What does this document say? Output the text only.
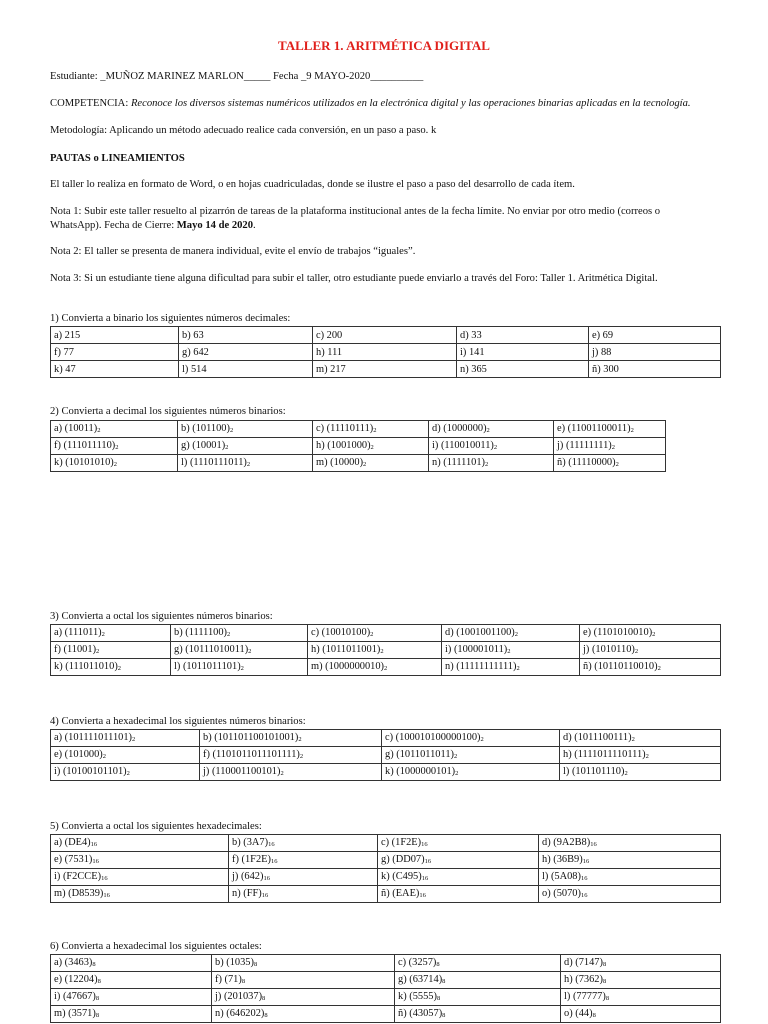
TALLER 1. ARITMÉTICA DIGITAL
Estudiante: _MUÑOZ MARINEZ MARLON_____ Fecha _9 MAYO-2020__________
COMPETENCIA: Reconoce los diversos sistemas numéricos utilizados en la electrónica digital y las operaciones binarias aplicadas en la tecnología.
Metodología: Aplicando un método adecuado realice cada conversión, en un paso a paso. k
PAUTAS o LINEAMIENTOS
El taller lo realiza en formato de Word, o en hojas cuadriculadas, donde se ilustre el paso a paso del desarrollo de cada ítem.
Nota 1: Subir este taller resuelto al pizarrón de tareas de la plataforma institucional antes de la fecha límite. No enviar por otro medio (correos o
WhatsApp). Fecha de Cierre: Mayo 14 de 2020.
Nota 2: El taller se presenta de manera individual, evite el envío de trabajos “iguales”.
Nota 3: Si un estudiante tiene alguna dificultad para subir el taller, otro estudiante puede enviarlo a través del Foro: Taller 1. Aritmética Digital.
1) Convierta a binario los siguientes números decimales:
a) 215	b) 63	c) 200	d) 33	e) 69
f) 77	g) 642	h) 111	i) 141	j) 88
k) 47	l) 514	m) 217	n) 365	ñ) 300
2) Convierta a decimal los siguientes números binarios:
a) $(10011)_2$	b) $(101100)_2$	c) $(11110111)_2$	d) $(1000000)_2$	e) $(11001100011)_2$
f) $(111011110)_2$	g) $(10001)_2$	h) $(1001000)_2$	i) $(110010011)_2$	j) $(11111111)_2$
k) $(10101010)_2$	l) $(1110111011)_2$	m) $(10000)_2$	n) $(1111101)_2$	ñ) $(11110000)_2$
3) Convierta a octal los siguientes números binarios:
a) $(111011)_2$	b) $(1111100)_2$	c) $(10010100)_2$	d) $(1001001100)_2$	e) $(1101010010)_2$
f) $(11001)_2$	g) $(10111010011)_2$	h) $(1011011001)_2$	i) $(100001011)_2$	j) $(1010110)_2$
k) $(111011010)_2$	l) $(1011011101)_2$	m) $(1000000010)_2$	n) $(11111111111)_2$	ñ) $(10110110010)_2$
4) Convierta a hexadecimal los siguientes números binarios:
a) $(101111011101)_2$	b) $(101101100101001)_2$	c) $(100010100000100)_2$	d) $(1011100111)_2$
e) $(101000)_2$	f) $(1101011011101111)_2$	g) $(1011011011)_2$	h) $(1111011110111)_2$
i) $(10100101101)_2$	j) $(110001100101)_2$	k) $(1000000101)_2$	l) $(101101110)_2$
5) Convierta a octal los siguientes hexadecimales:
a) $(DE4)_{16}$	b) $(3A7)_{16}$	c) $(1F2E)_{16}$	d) $(9A2B8)_{16}$
e) $(7531)_{16}$	f) $(1F2E)_{16}$	g) $(DD07)_{16}$	h) $(36B9)_{16}$
i) $(F2CCE)_{16}$	j) $(642)_{16}$	k) $(C495)_{16}$	l) $(5A08)_{16}$
m) $(D8539)_{16}$	n) $(FF)_{16}$	ñ) $(EAE)_{16}$	o) $(5070)_{16}$
6) Convierta a hexadecimal los siguientes octales:
a) $(3463)_8$	b) $(1035)_8$	c) $(3257)_8$	d) $(7147)_8$
e) $(12204)_8$	f) $(71)_8$	g) $(63714)_8$	h) $(7362)_8$
i) $(47667)_8$	j) $(201037)_8$	k) $(5555)_8$	l) $(77777)_8$
m) $(3571)_8$	n) $(646202)_8$	ñ) $(43057)_8$	o) $(44)_8$
